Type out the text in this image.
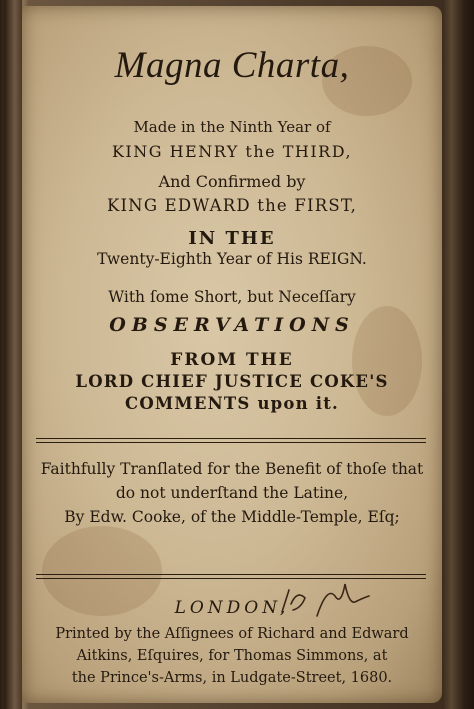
Magna Charta,
Made in the Ninth Year of
KING HENRY the THIRD,
And Confirmed by
KING EDWARD the FIRST,
IN THE
Twenty-Eighth Year of His REIGN.
With ſome Short, but Neceſſary
OBSERVATIONS
FROM THE
LORD CHIEF JUSTICE COKE'S
COMMENTS upon it.
Faithfully Tranſlated for the Benefit of thoſe that
do not underſtand the Latine,
By Edw. Cooke, of the Middle-Temple, Eſq;
LONDON,
Printed by the Aſſignees of Richard and Edward
Aitkins, Eſquires, for Thomas Simmons, at
the Prince's-Arms, in Ludgate-Street, 1680.
